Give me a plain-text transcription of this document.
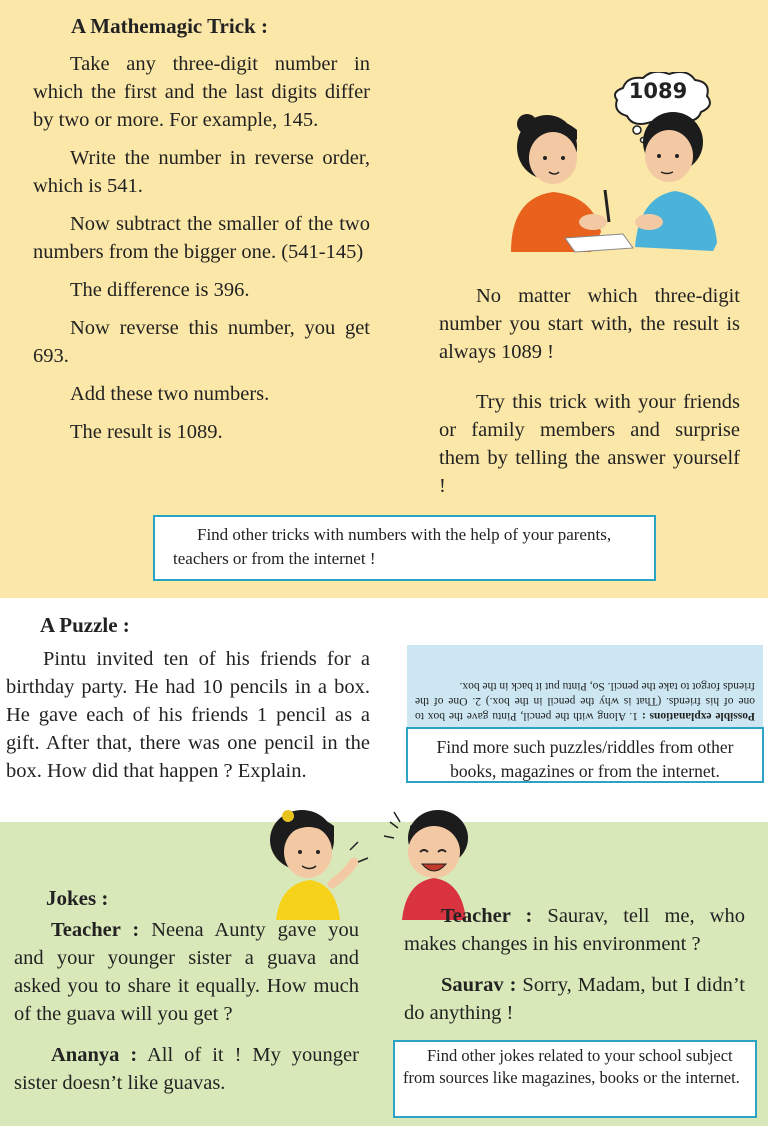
A Mathemagic Trick :

Take any three-digit number in which the first and the last digits differ by two or more. For example, 145.

Write the number in reverse order, which is 541.

Now subtract the smaller of the two numbers from the bigger one. (541-145)

The difference is 396.

Now reverse this number, you get 693.

Add these two numbers.

The result is 1089.

1089

No matter which three-digit number you start with, the result is always 1089 !

Try this trick with your friends or family members and surprise them by telling the answer yourself !

Find other tricks with numbers with the help of your parents, teachers or from the internet !
A Puzzle :

Pintu invited ten of his friends for a birthday party. He had 10 pencils in a box. He gave each of his friends 1 pencil as a gift. After that, there was one pencil in the box. How did that happen ? Explain.

Possible explanations : 1. Along with the pencil, Pintu gave the box to one of his friends. (That is why the pencil in the box.) 2. One of the friends forgot to take the pencil. So, Pintu put it back in the box.
Find more such puzzles/riddles from other books, magazines or from the internet.
Jokes :

Teacher : Neena Aunty gave you and your younger sister a guava and asked you to share it equally. How much of the guava will you get ?

Ananya : All of it ! My younger sister doesn’t like guavas.

Teacher : Saurav, tell me, who makes changes in his environment ?

Saurav : Sorry, Madam, but I didn’t do anything !

Find other jokes related to your school subject from sources like magazines, books or the internet.
